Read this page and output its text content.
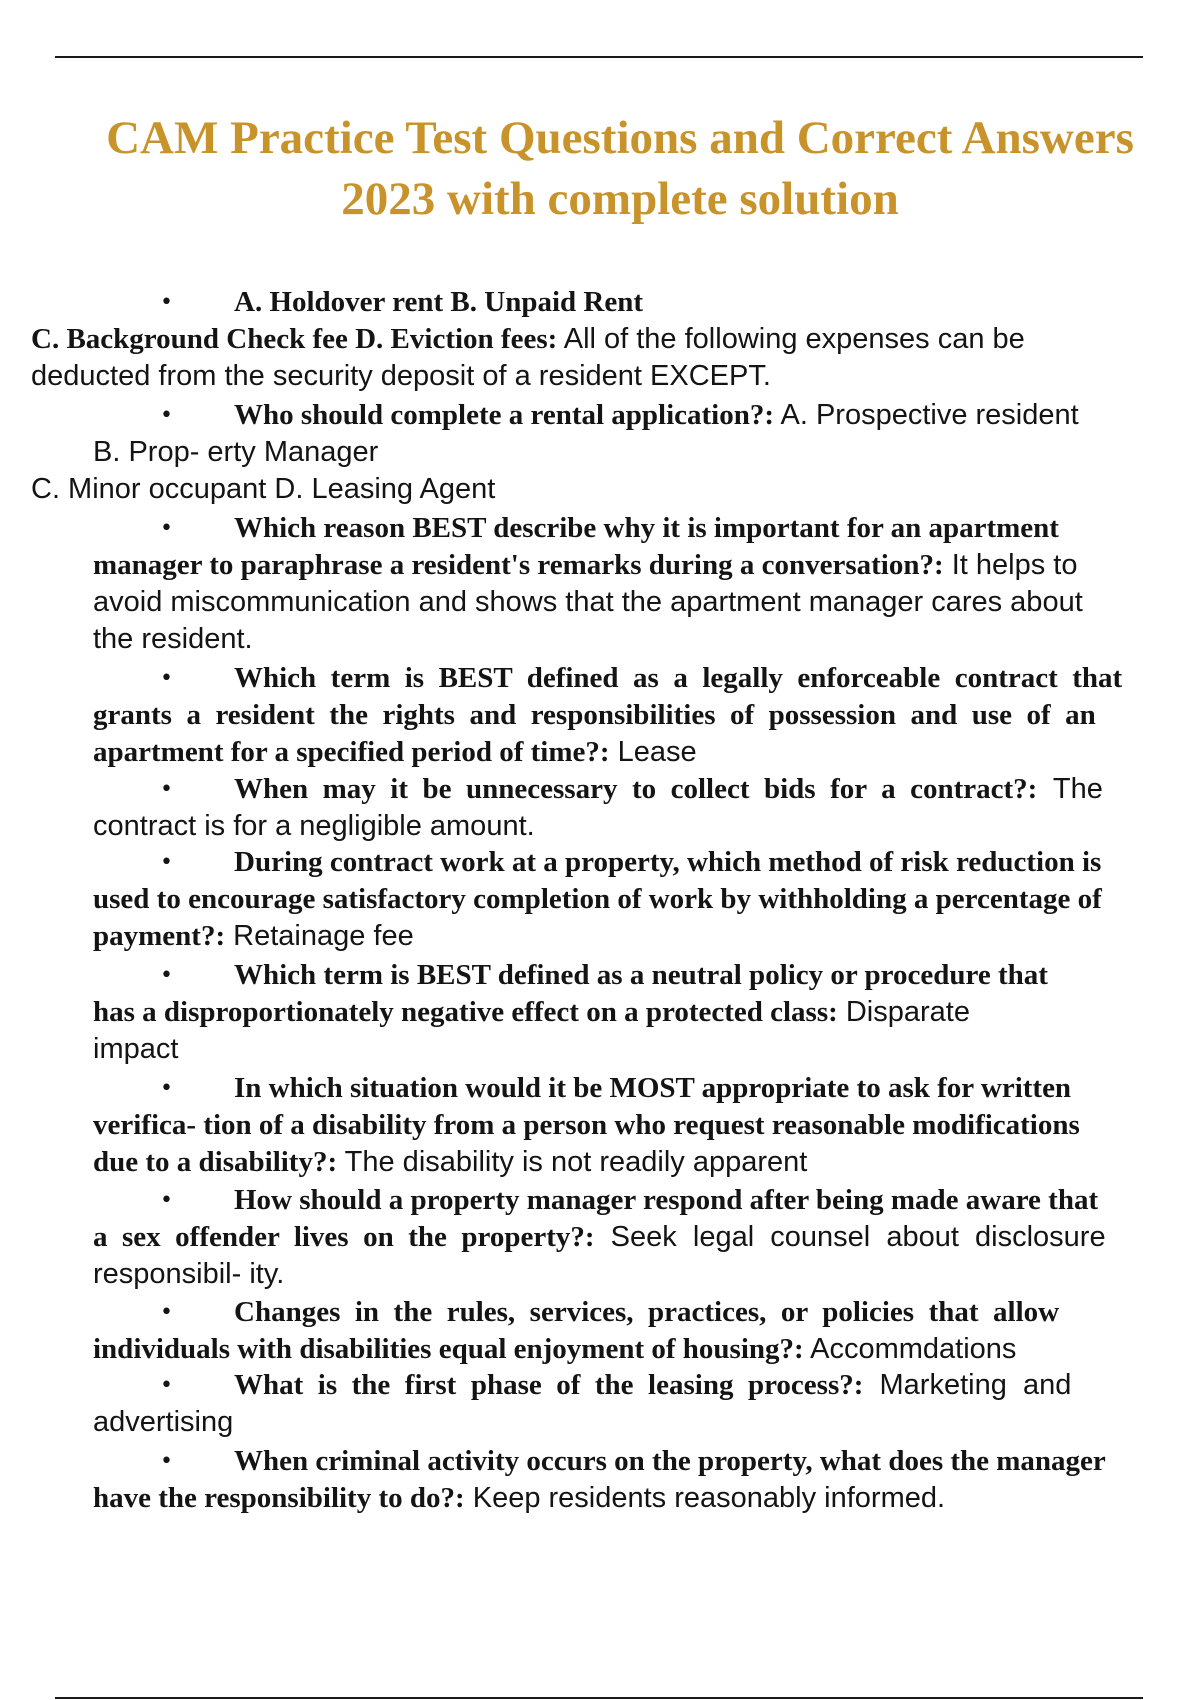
CAM Practice Test Questions and Correct Answers
2023 with complete solution
• A. Holdover rent B. Unpaid Rent
C. Background Check fee D. Eviction fees: All of the following expenses can be
deducted from the security deposit of a resident EXCEPT.
• Who should complete a rental application?: A. Prospective resident
B. Prop- erty Manager
C. Minor occupant D. Leasing Agent
• Which reason BEST describe why it is important for an apartment
manager to paraphrase a resident's remarks during a conversation?: It helps to
avoid miscommunication and shows that the apartment manager cares about
the resident.
• Which  term  is  BEST  defined  as  a  legally  enforceable  contract  that
grants  a  resident  the  rights  and  responsibilities  of  possession  and  use  of  an
apartment for a specified period of time?: Lease
• When  may  it  be  unnecessary  to  collect  bids  for  a  contract?:  The
contract is for a negligible amount.
• During contract work at a property, which method of risk reduction is
used to encourage satisfactory completion of work by withholding a percentage of
payment?: Retainage fee
• Which term is BEST defined as a neutral policy or procedure that
has a disproportionately negative effect on a protected class: Disparate
impact
• In which situation would it be MOST appropriate to ask for written
verifica- tion of a disability from a person who request reasonable modifications
due to a disability?: The disability is not readily apparent
• How should a property manager respond after being made aware that
a  sex  offender  lives  on  the  property?:  Seek  legal  counsel  about  disclosure
responsibil- ity.
• Changes  in  the  rules,  services,  practices,  or  policies  that  allow
individuals with disabilities equal enjoyment of housing?: Accommdations
• What  is  the  first  phase  of  the  leasing  process?:  Marketing  and
advertising
• When criminal activity occurs on the property, what does the manager
have the responsibility to do?: Keep residents reasonably informed.
